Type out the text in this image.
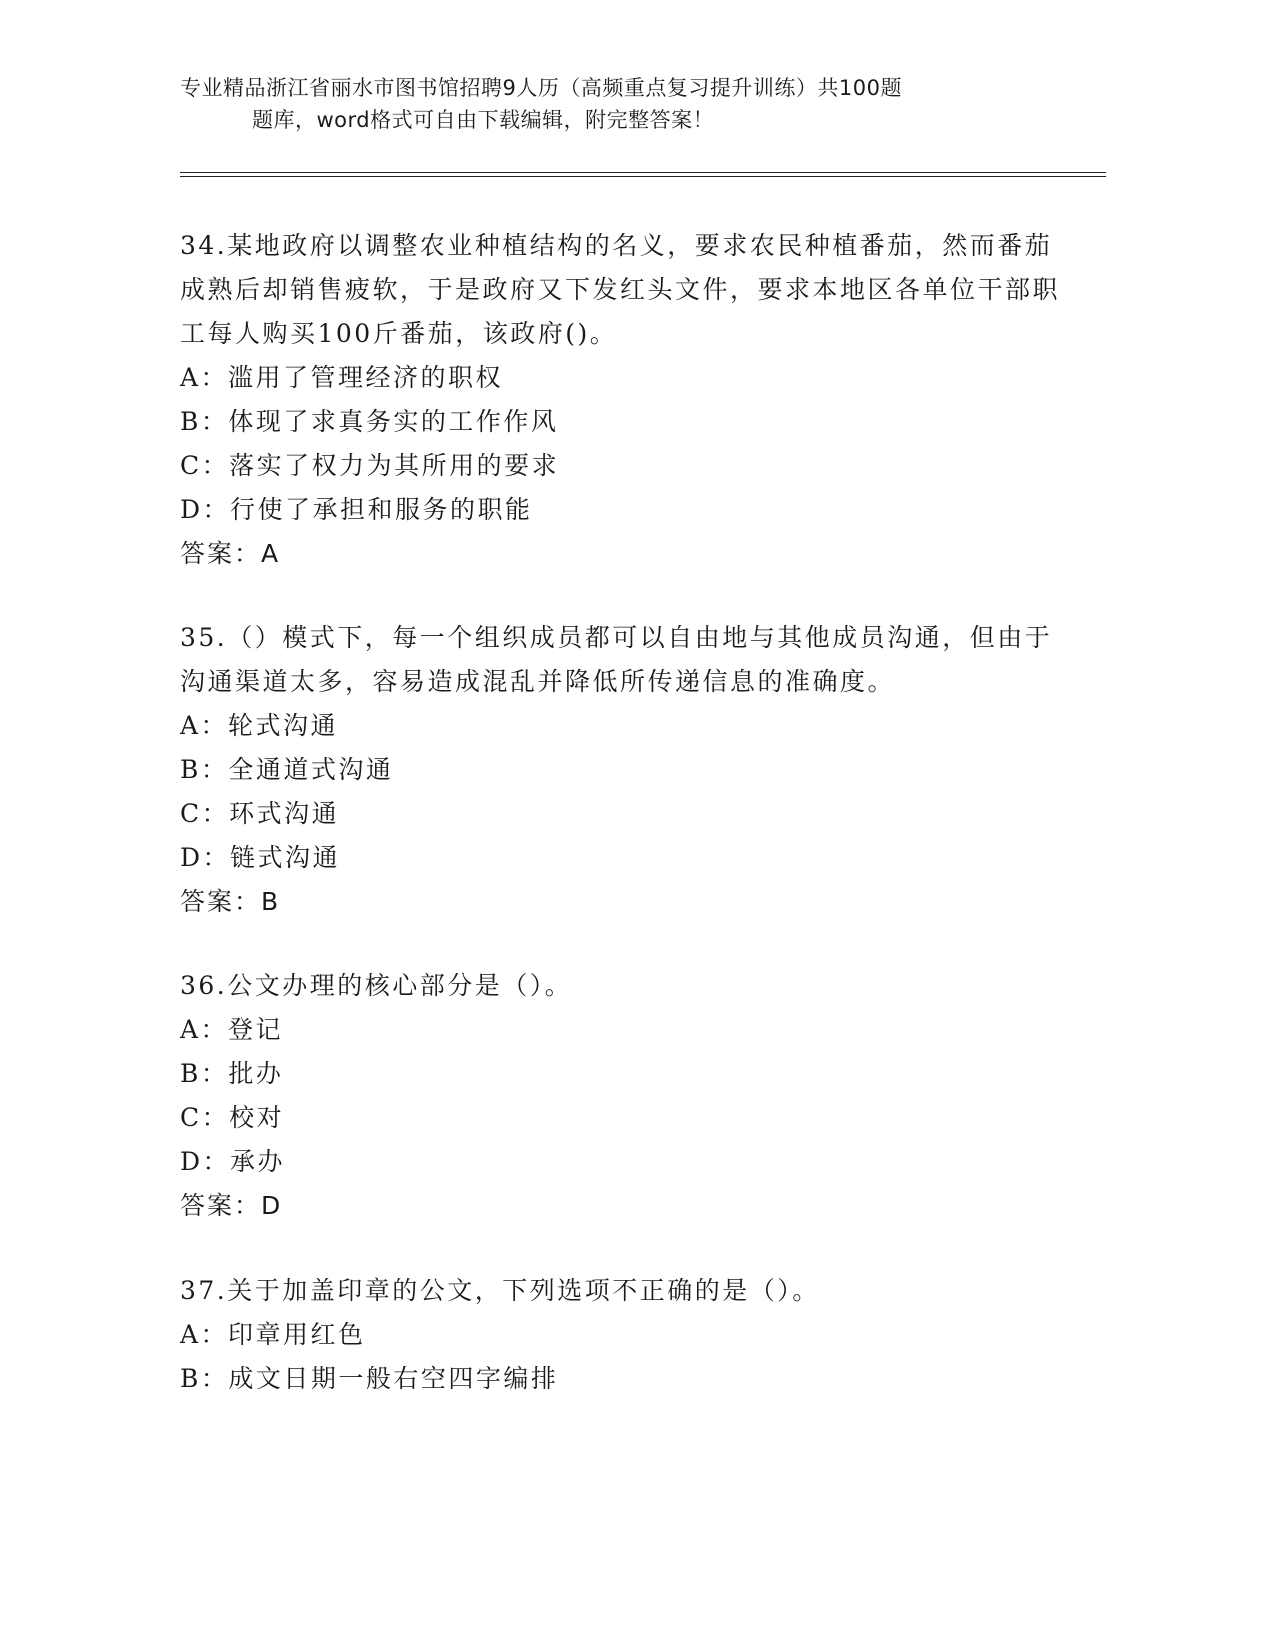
专业精品浙江省丽水市图书馆招聘9人历（高频重点复习提升训练）共100题
题库，word格式可自由下载编辑，附完整答案！
34.某地政府以调整农业种植结构的名义，要求农民种植番茄，然而番茄成熟后却销售疲软，于是政府又下发红头文件，要求本地区各单位干部职工每人购买100斤番茄，该政府()。
A：滥用了管理经济的职权
B：体现了求真务实的工作作风
C：落实了权力为其所用的要求
D：行使了承担和服务的职能
答案：A
35.（）模式下，每一个组织成员都可以自由地与其他成员沟通，但由于沟通渠道太多，容易造成混乱并降低所传递信息的准确度。
A：轮式沟通
B：全通道式沟通
C：环式沟通
D：链式沟通
答案：B
36.公文办理的核心部分是（）。
A：登记
B：批办
C：校对
D：承办
答案：D
37.关于加盖印章的公文，下列选项不正确的是（）。
A：印章用红色
B：成文日期一般右空四字编排
